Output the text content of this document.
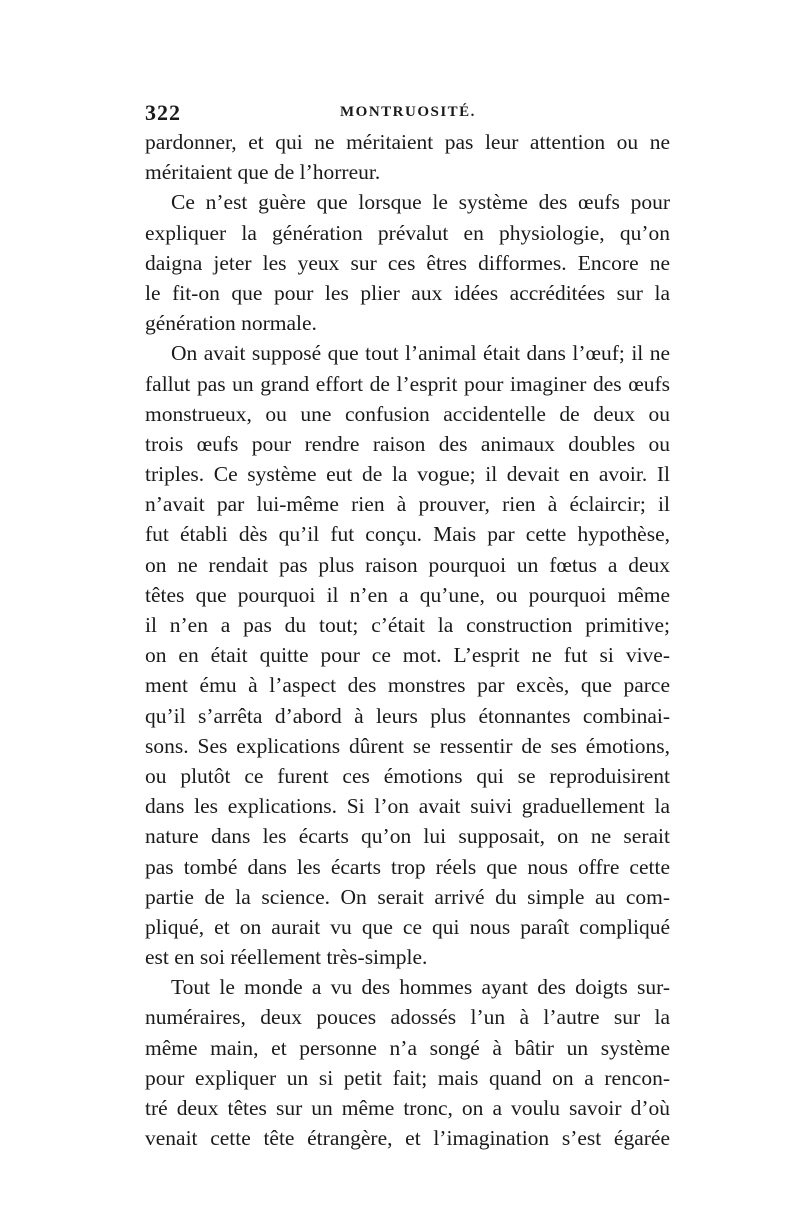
322	MONTRUOSITÉ.
pardonner, et qui ne méritaient pas leur attention ou ne
méritaient que de l’horreur.
Ce n’est guère que lorsque le système des œufs pour
expliquer la génération prévalut en physiologie, qu’on
daigna jeter les yeux sur ces êtres difformes. Encore ne
le fit-on que pour les plier aux idées accréditées sur la
génération normale.
On avait supposé que tout l’animal était dans l’œuf; il ne
fallut pas un grand effort de l’esprit pour imaginer des œufs
monstrueux, ou une confusion accidentelle de deux ou
trois œufs pour rendre raison des animaux doubles ou
triples. Ce système eut de la vogue; il devait en avoir. Il
n’avait par lui-même rien à prouver, rien à éclaircir; il
fut établi dès qu’il fut conçu. Mais par cette hypothèse,
on ne rendait pas plus raison pourquoi un fœtus a deux
têtes que pourquoi il n’en a qu’une, ou pourquoi même
il n’en a pas du tout; c’était la construction primitive;
on en était quitte pour ce mot. L’esprit ne fut si vive-
ment ému à l’aspect des monstres par excès, que parce
qu’il s’arrêta d’abord à leurs plus étonnantes combinai-
sons. Ses explications dûrent se ressentir de ses émotions,
ou plutôt ce furent ces émotions qui se reproduisirent
dans les explications. Si l’on avait suivi graduellement la
nature dans les écarts qu’on lui supposait, on ne serait
pas tombé dans les écarts trop réels que nous offre cette
partie de la science. On serait arrivé du simple au com-
pliqué, et on aurait vu que ce qui nous paraît compliqué
est en soi réellement très-simple.
Tout le monde a vu des hommes ayant des doigts sur-
numéraires, deux pouces adossés l’un à l’autre sur la
même main, et personne n’a songé à bâtir un système
pour expliquer un si petit fait; mais quand on a rencon-
tré deux têtes sur un même tronc, on a voulu savoir d’où
venait cette tête étrangère, et l’imagination s’est égarée
